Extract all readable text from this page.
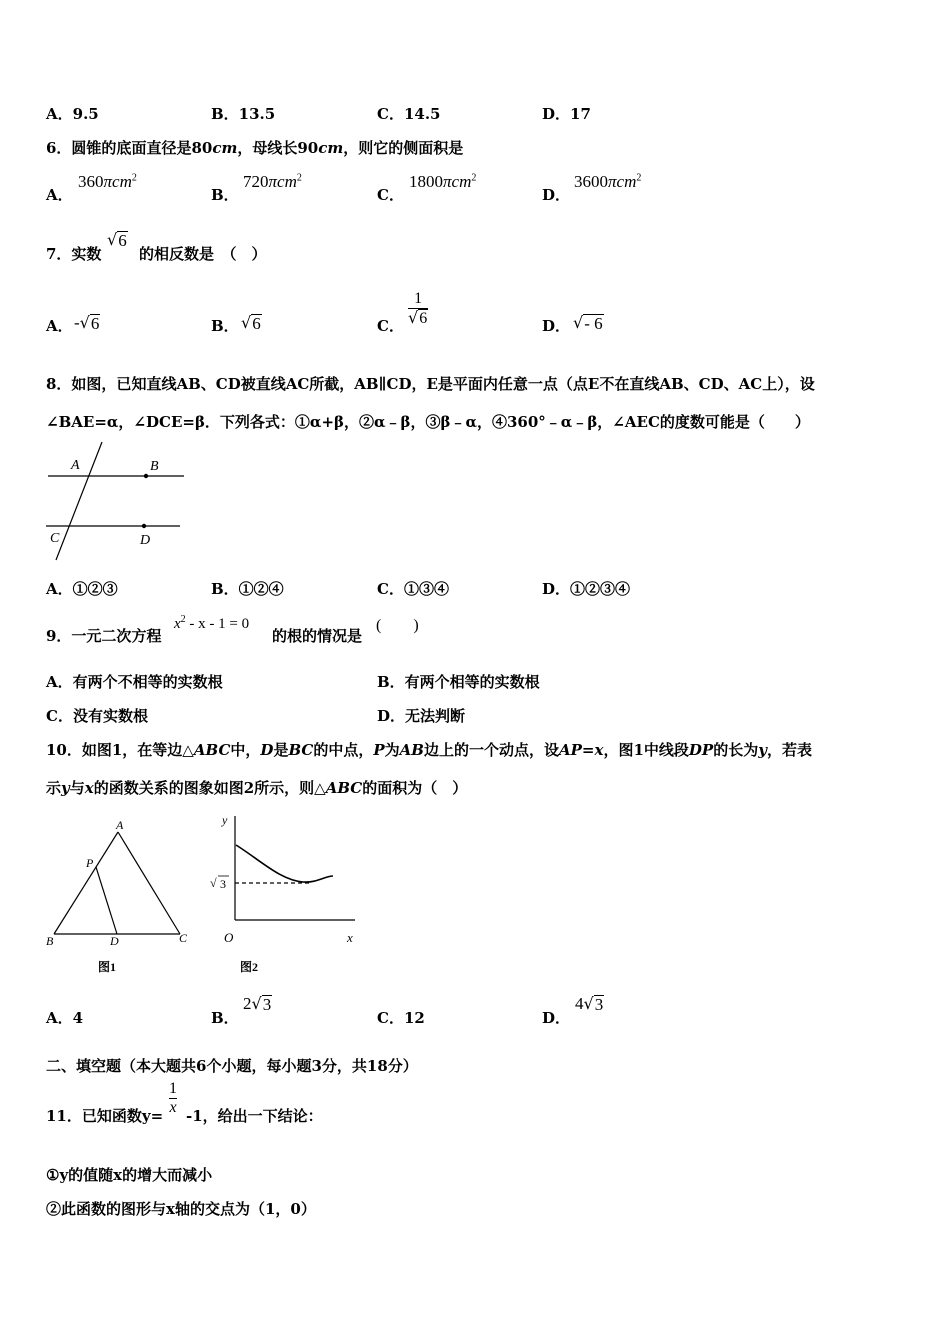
A．9.5	B．13.5	C．14.5	D．17
6．圆锥的底面直径是80cm，母线长90cm，则它的侧面积是
A．
360πcm$^2$
B．
720πcm$^2$
C．
1800πcm$^2$
D．
3600πcm$^2$
7．实数
√ 6
的相反数是　（　）
A． - √ 6	B． √ 6	C．
1
√ 6	D． √ - 6
8．如图，已知直线AB、CD被直线AC所截，AB∥CD，E是平面内任意一点（点E不在直线AB、CD、AC上），设
∠BAE=α，∠DCE=β．下列各式：①α+β，②α﹣β，③β﹣α，④360°﹣α﹣β，∠AEC的度数可能是（　　）
A	B
C	D
A．①②③	B．①②④	C．①③④	D．①②③④
9．一元二次方程
$x^2 - x - 1 = 0$
的根的情况是
(　　)
A．有两个不相等的实数根	B．有两个相等的实数根
C．没有实数根	D．无法判断
10．如图1，在等边△ABC中，D是BC的中点，P为AB边上的一个动点，设AP=x，图1中线段DP的长为y，若表
示y与x的函数关系的图象如图2所示，则△ABC的面积为（　）
A
P
B	D	C
图1
y
√ 3
O	x
图2
A．4	B．
2 √ 3
C．12	D．
4 √ 3
二、填空题（本大题共6个小题，每小题3分，共18分）
11．已知函数y=
1
x -1，给出一下结论：
①y的值随x的增大而减小
②此函数的图形与x轴的交点为（1，0）
